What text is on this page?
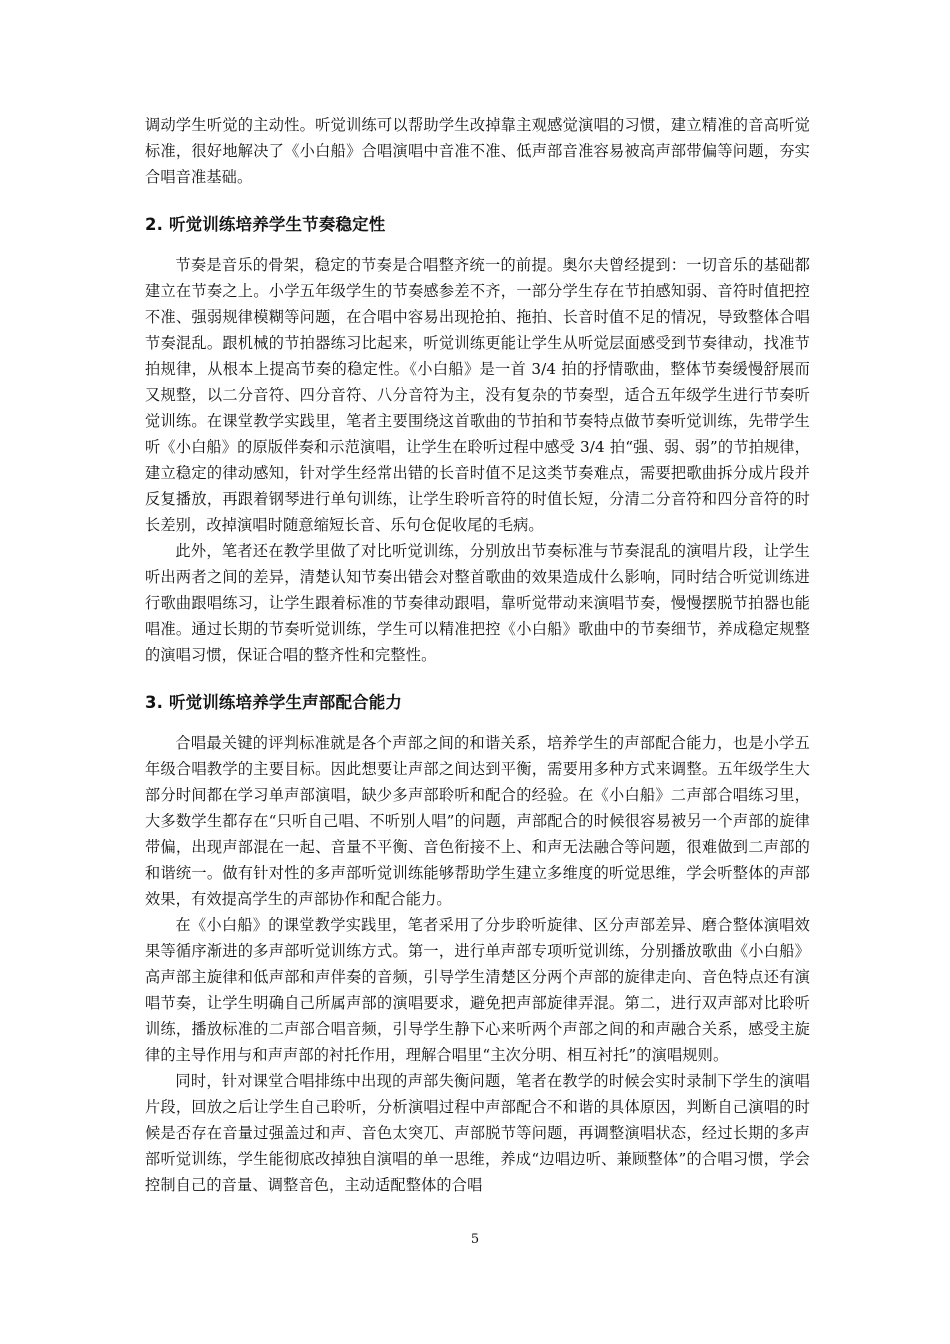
调动学生听觉的主动性。听觉训练可以帮助学生改掉靠主观感觉演唱的习惯，建立精准的音高听觉标准，很好地解决了《小白船》合唱演唱中音准不准、低声部音准容易被高声部带偏等问题，夯实合唱音准基础。

2. 听觉训练培养学生节奏稳定性

节奏是音乐的骨架，稳定的节奏是合唱整齐统一的前提。奥尔夫曾经提到：一切音乐的基础都建立在节奏之上。小学五年级学生的节奏感参差不齐，一部分学生存在节拍感知弱、音符时值把控不准、强弱规律模糊等问题，在合唱中容易出现抢拍、拖拍、长音时值不足的情况，导致整体合唱节奏混乱。跟机械的节拍器练习比起来，听觉训练更能让学生从听觉层面感受到节奏律动，找准节拍规律，从根本上提高节奏的稳定性。《小白船》是一首 3/4 拍的抒情歌曲，整体节奏缓慢舒展而又规整，以二分音符、四分音符、八分音符为主，没有复杂的节奏型，适合五年级学生进行节奏听觉训练。在课堂教学实践里，笔者主要围绕这首歌曲的节拍和节奏特点做节奏听觉训练，先带学生听《小白船》的原版伴奏和示范演唱，让学生在聆听过程中感受 3/4 拍“强、弱、弱”的节拍规律，建立稳定的律动感知，针对学生经常出错的长音时值不足这类节奏难点，需要把歌曲拆分成片段并反复播放，再跟着钢琴进行单句训练，让学生聆听音符的时值长短，分清二分音符和四分音符的时长差别，改掉演唱时随意缩短长音、乐句仓促收尾的毛病。

此外，笔者还在教学里做了对比听觉训练，分别放出节奏标准与节奏混乱的演唱片段，让学生听出两者之间的差异，清楚认知节奏出错会对整首歌曲的效果造成什么影响，同时结合听觉训练进行歌曲跟唱练习，让学生跟着标准的节奏律动跟唱，靠听觉带动来演唱节奏，慢慢摆脱节拍器也能唱准。通过长期的节奏听觉训练，学生可以精准把控《小白船》歌曲中的节奏细节，养成稳定规整的演唱习惯，保证合唱的整齐性和完整性。

3. 听觉训练培养学生声部配合能力

合唱最关键的评判标准就是各个声部之间的和谐关系，培养学生的声部配合能力，也是小学五年级合唱教学的主要目标。因此想要让声部之间达到平衡，需要用多种方式来调整。五年级学生大部分时间都在学习单声部演唱，缺少多声部聆听和配合的经验。在《小白船》二声部合唱练习里，大多数学生都存在“只听自己唱、不听别人唱”的问题，声部配合的时候很容易被另一个声部的旋律带偏，出现声部混在一起、音量不平衡、音色衔接不上、和声无法融合等问题，很难做到二声部的和谐统一。做有针对性的多声部听觉训练能够帮助学生建立多维度的听觉思维，学会听整体的声部效果，有效提高学生的声部协作和配合能力。

在《小白船》的课堂教学实践里，笔者采用了分步聆听旋律、区分声部差异、磨合整体演唱效果等循序渐进的多声部听觉训练方式。第一，进行单声部专项听觉训练，分别播放歌曲《小白船》高声部主旋律和低声部和声伴奏的音频，引导学生清楚区分两个声部的旋律走向、音色特点还有演唱节奏，让学生明确自己所属声部的演唱要求，避免把声部旋律弄混。第二，进行双声部对比聆听训练，播放标准的二声部合唱音频，引导学生静下心来听两个声部之间的和声融合关系，感受主旋律的主导作用与和声声部的衬托作用，理解合唱里“主次分明、相互衬托”的演唱规则。

同时，针对课堂合唱排练中出现的声部失衡问题，笔者在教学的时候会实时录制下学生的演唱片段，回放之后让学生自己聆听，分析演唱过程中声部配合不和谐的具体原因，判断自己演唱的时候是否存在音量过强盖过和声、音色太突兀、声部脱节等问题，再调整演唱状态，经过长期的多声部听觉训练，学生能彻底改掉独自演唱的单一思维，养成“边唱边听、兼顾整体”的合唱习惯，学会控制自己的音量、调整音色，主动适配整体的合唱

5
